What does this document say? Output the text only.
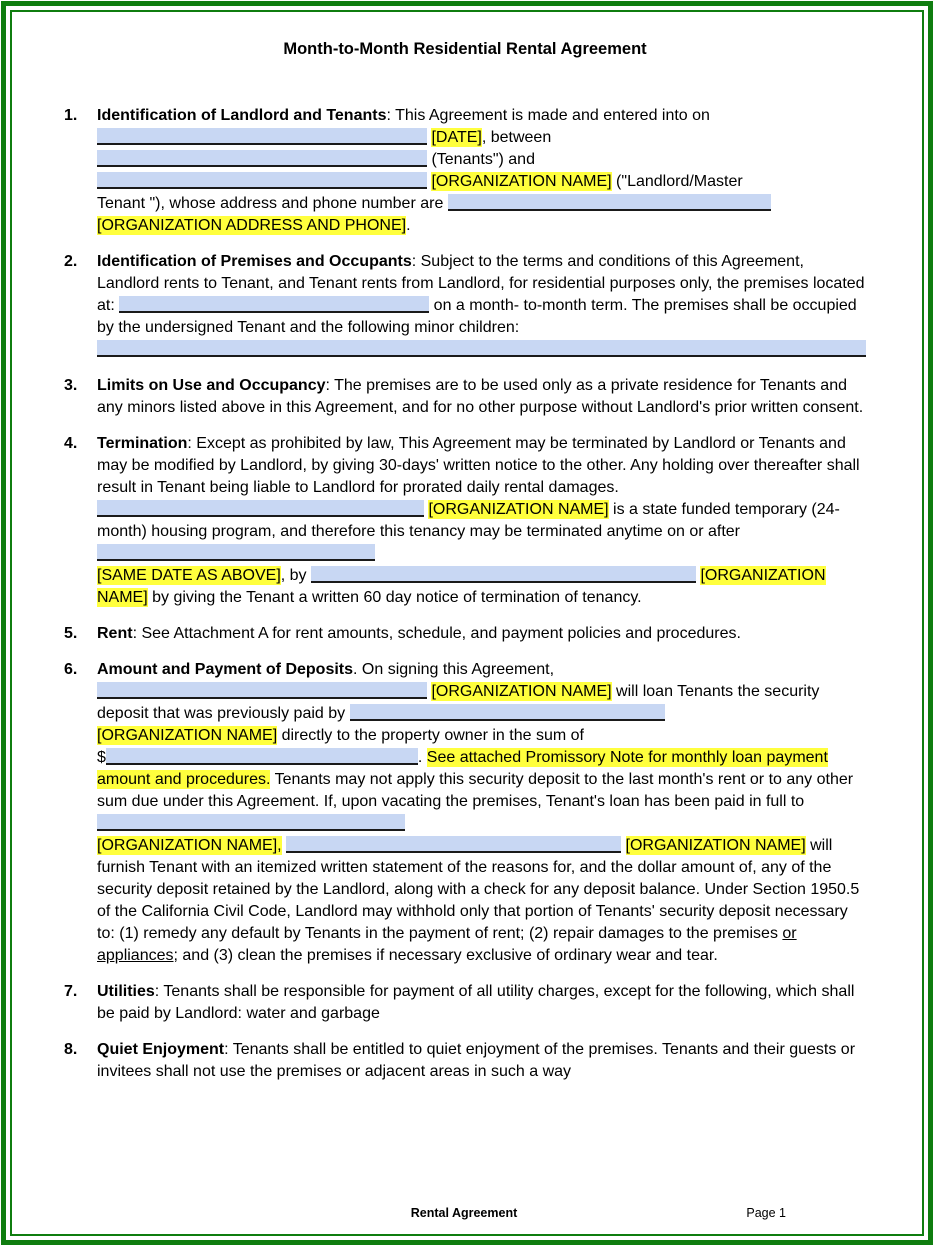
Month-to-Month Residential Rental Agreement
1.	Identification of Landlord and Tenants: This Agreement is made and entered into on
[DATE], between
(Tenants") and
[ORGANIZATION NAME] ("Landlord/Master
Tenant "), whose address and phone number are
[ORGANIZATION ADDRESS AND PHONE].
2.	Identification of Premises and Occupants: Subject to the terms and conditions of this Agreement, Landlord rents to Tenant, and Tenant rents from Landlord, for residential purposes only, the premises located at:	on a month- to-month term. The premises shall be occupied by the undersigned Tenant and the following minor children:

3.	Limits on Use and Occupancy: The premises are to be used only as a private residence for Tenants and any minors listed above in this Agreement, and for no other purpose without Landlord's prior written consent.
4.	Termination: Except as prohibited by law, This Agreement may be terminated by Landlord or Tenants and may be modified by Landlord, by giving 30-days' written notice to the other. Any holding over thereafter shall result in Tenant being liable to Landlord for prorated daily rental damages.  [ORGANIZATION NAME] is a state funded temporary (24-month) housing program, and therefore this tenancy may be terminated anytime on or after
[SAME DATE AS ABOVE], by	[ORGANIZATION NAME] by giving the Tenant a written 60 day notice of termination of tenancy.
5.	Rent: See Attachment A for rent amounts, schedule, and payment policies and procedures.
6.	Amount and Payment of Deposits. On signing this Agreement,
[ORGANIZATION NAME] will loan Tenants the security deposit that was previously paid by
[ORGANIZATION NAME] directly to the property owner in the sum of
$	. See attached Promissory Note for monthly loan payment amount and procedures. Tenants may not apply this security deposit to the last month's rent or to any other sum due under this Agreement. If, upon vacating the premises, Tenant's loan has been paid in full to
[ORGANIZATION NAME],	[ORGANIZATION NAME] will furnish Tenant with an itemized written statement of the reasons for, and the dollar amount of, any of the security deposit retained by the Landlord, along with a check for any deposit balance. Under Section 1950.5 of the California Civil Code, Landlord may withhold only that portion of Tenants' security deposit necessary to: (1) remedy any default by Tenants in the payment of rent; (2) repair damages to the premises or appliances; and (3) clean the premises if necessary exclusive of ordinary wear and tear.
7.	Utilities: Tenants shall be responsible for payment of all utility charges, except for the following, which shall be paid by Landlord: water and garbage
8.	Quiet Enjoyment: Tenants shall be entitled to quiet enjoyment of the premises. Tenants and their guests or invitees shall not use the premises or adjacent areas in such a way
Rental Agreement	Page 1
